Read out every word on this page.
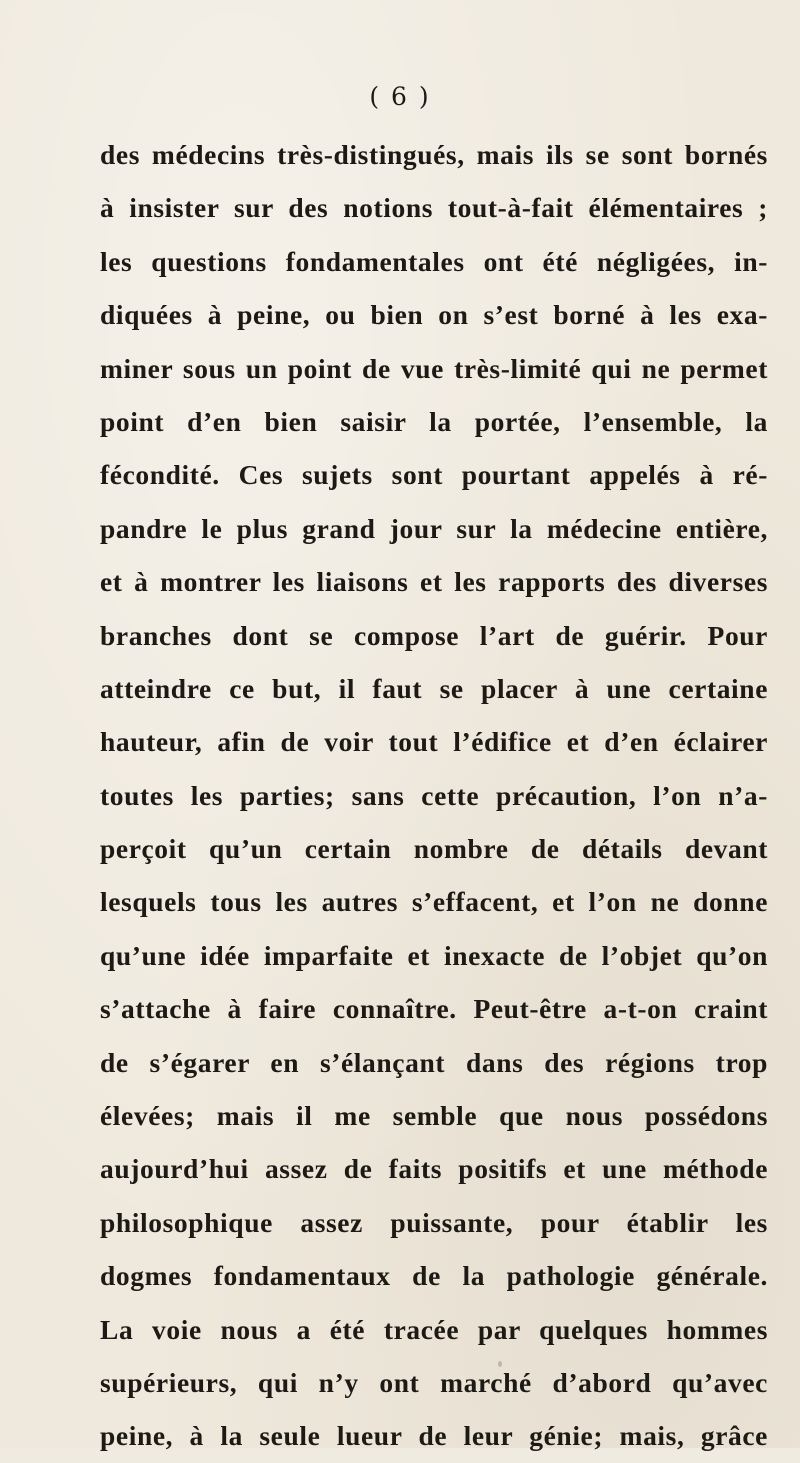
( 6 )
des médecins très-distingués, mais ils se sont bornés
à insister sur des notions tout-à-fait élémentaires ;
les questions fondamentales ont été négligées, in-
diquées à peine, ou bien on s’est borné à les exa-
miner sous un point de vue très-limité qui ne permet
point d’en bien saisir la portée, l’ensemble, la
fécondité. Ces sujets sont pourtant appelés à ré-
pandre le plus grand jour sur la médecine entière,
et à montrer les liaisons et les rapports des diverses
branches dont se compose l’art de guérir. Pour
atteindre ce but, il faut se placer à une certaine
hauteur, afin de voir tout l’édifice et d’en éclairer
toutes les parties; sans cette précaution, l’on n’a-
perçoit qu’un certain nombre de détails devant
lesquels tous les autres s’effacent, et l’on ne donne
qu’une idée imparfaite et inexacte de l’objet qu’on
s’attache à faire connaître. Peut-être a-t-on craint
de s’égarer en s’élançant dans des régions trop
élevées; mais il me semble que nous possédons
aujourd’hui assez de faits positifs et une méthode
philosophique assez puissante, pour établir les
dogmes fondamentaux de la pathologie générale.
La voie nous a été tracée par quelques hommes
supérieurs, qui n’y ont marché d’abord qu’avec
peine, à la seule lueur de leur génie; mais, grâce
